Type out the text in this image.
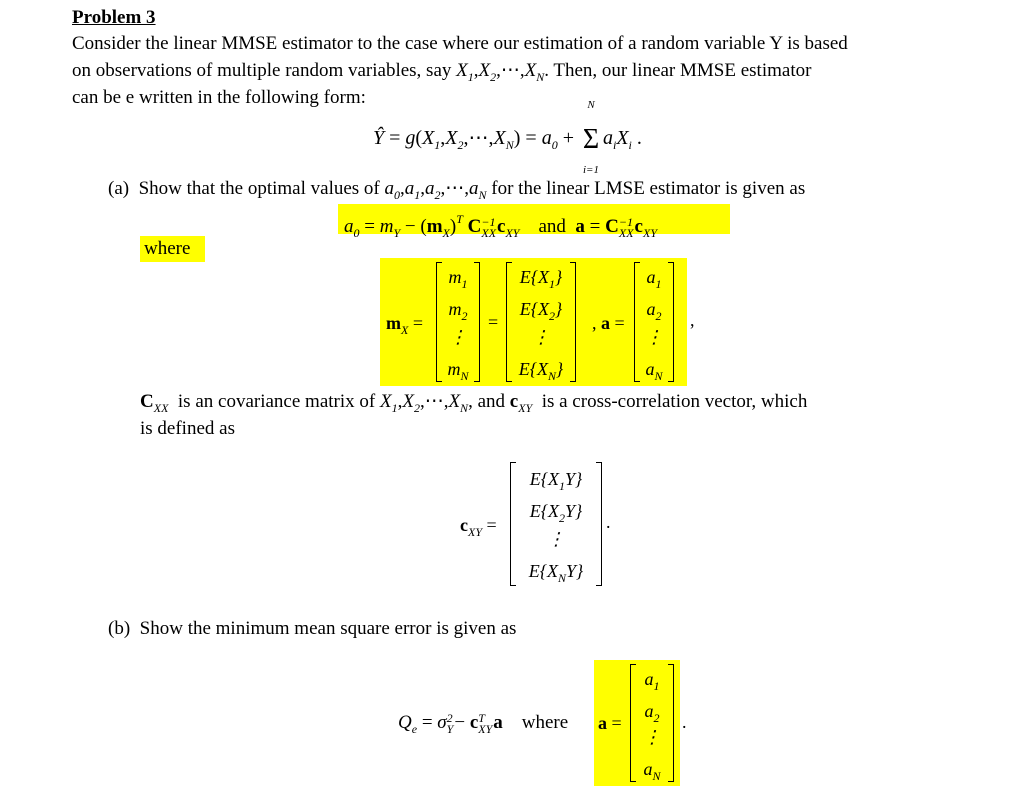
Problem 3
Consider the linear MMSE estimator to the case where our estimation of a random variable Y is based
on observations of multiple random variables, say $X_1,X_2,\cdots,X_N$. Then, our linear MMSE estimator
can be e written in the following form:
Ŷ = $g(X_1,X_2,\cdots,X_N) = a_0 + \Sigma$
N
i=1
$a_iX_i$ .
(a) Show that the optimal values of $a_0,a_1,a_2,\cdots,a_N$ for the linear LMSE estimator is given as
$a_0 = m_Y - (m_X)^T$ C −1
XX $c_{XY}$ and a = C −1
XX $c_{XY}$
where
$m_X$ =
$m_1$
$m_2$
⋮
$m_N$
=
$E\{X_1\}$
$E\{X_2\}$
⋮
$E\{X_N\}$
, a =
$a_1$
$a_2$
⋮
$a_N$
,
$C_{XX}$ is an covariance matrix of $X_1,X_2,\cdots,X_N$, and $c_{XY}$ is a cross-correlation vector, which
is defined as
$c_{XY}$ =
$E\{X_1Y\}$
$E\{X_2Y\}$
⋮
$E\{X_NY\}$
.
(b) Show the minimum mean square error is given as
$Q_e = \sigma$ 2
Y − c T
XY a where a =
$a_1$
$a_2$
⋮
$a_N$
.
